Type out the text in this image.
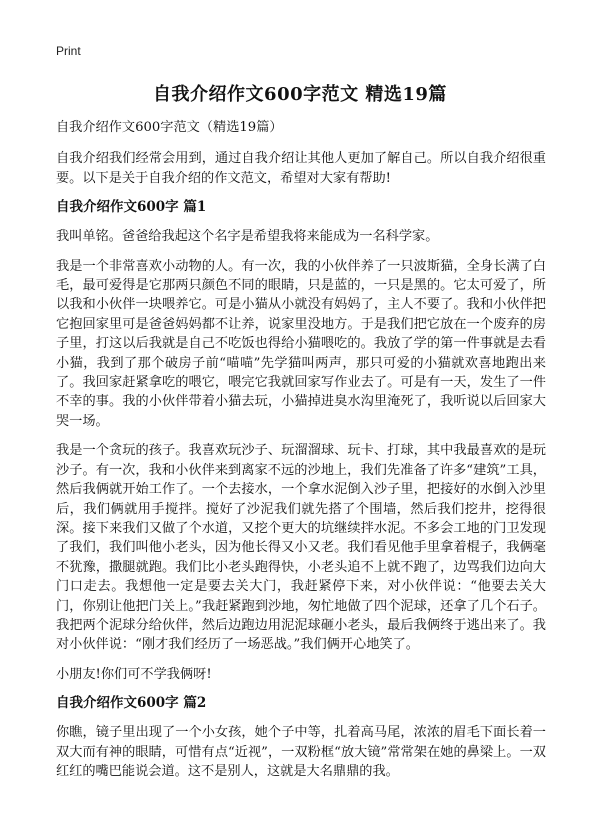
Print
自我介绍作文600字范文 精选19篇

自我介绍作文600字范文（精选19篇）

自我介绍我们经常会用到，通过自我介绍让其他人更加了解自己。所以自我介绍很重要。以下是关于自我介绍的作文范文，希望对大家有帮助!

自我介绍作文600字 篇1

我叫单铭。爸爸给我起这个名字是希望我将来能成为一名科学家。

我是一个非常喜欢小动物的人。有一次，我的小伙伴养了一只波斯猫，全身长满了白毛，最可爱得是它那两只颜色不同的眼睛，只是蓝的，一只是黑的。它太可爱了，所以我和小伙伴一块喂养它。可是小猫从小就没有妈妈了，主人不要了。我和小伙伴把它抱回家里可是爸爸妈妈都不让养，说家里没地方。于是我们把它放在一个废弃的房子里，打这以后我就是自己不吃饭也得给小猫喂吃的。我放了学的第一件事就是去看小猫，我到了那个破房子前“喵喵”先学猫叫两声，那只可爱的小猫就欢喜地跑出来了。我回家赶紧拿吃的喂它，喂完它我就回家写作业去了。可是有一天，发生了一件不幸的事。我的小伙伴带着小猫去玩，小猫掉进臭水沟里淹死了，我听说以后回家大哭一场。

我是一个贪玩的孩子。我喜欢玩沙子、玩溜溜球、玩卡、打球，其中我最喜欢的是玩沙子。有一次，我和小伙伴来到离家不远的沙地上，我们先准备了许多“建筑”工具，然后我俩就开始工作了。一个去接水，一个拿水泥倒入沙子里，把接好的水倒入沙里后，我们俩就用手搅拌。搅好了沙泥我们就先搭了个围墙，然后我们挖井，挖得很深。接下来我们又做了个水道，又挖个更大的坑继续拌水泥。不多会工地的门卫发现了我们，我们叫他小老头，因为他长得又小又老。我们看见他手里拿着棍子，我俩毫不犹豫，撒腿就跑。我们比小老头跑得快，小老头追不上就不跑了，边骂我们边向大门口走去。我想他一定是要去关大门，我赶紧停下来，对小伙伴说：“他要去关大门，你别让他把门关上。”我赶紧跑到沙地，匆忙地做了四个泥球，还拿了几个石子。我把两个泥球分给伙伴，然后边跑边用泥泥球砸小老头，最后我俩终于逃出来了。我对小伙伴说：“刚才我们经历了一场恶战。”我们俩开心地笑了。

小朋友!你们可不学我俩呀!

自我介绍作文600字 篇2

你瞧，镜子里出现了一个小女孩，她个子中等，扎着高马尾，浓浓的眉毛下面长着一双大而有神的眼睛，可惜有点“近视”，一双粉框“放大镜”常常架在她的鼻梁上。一双红红的嘴巴能说会道。这不是别人，这就是大名鼎鼎的我。
